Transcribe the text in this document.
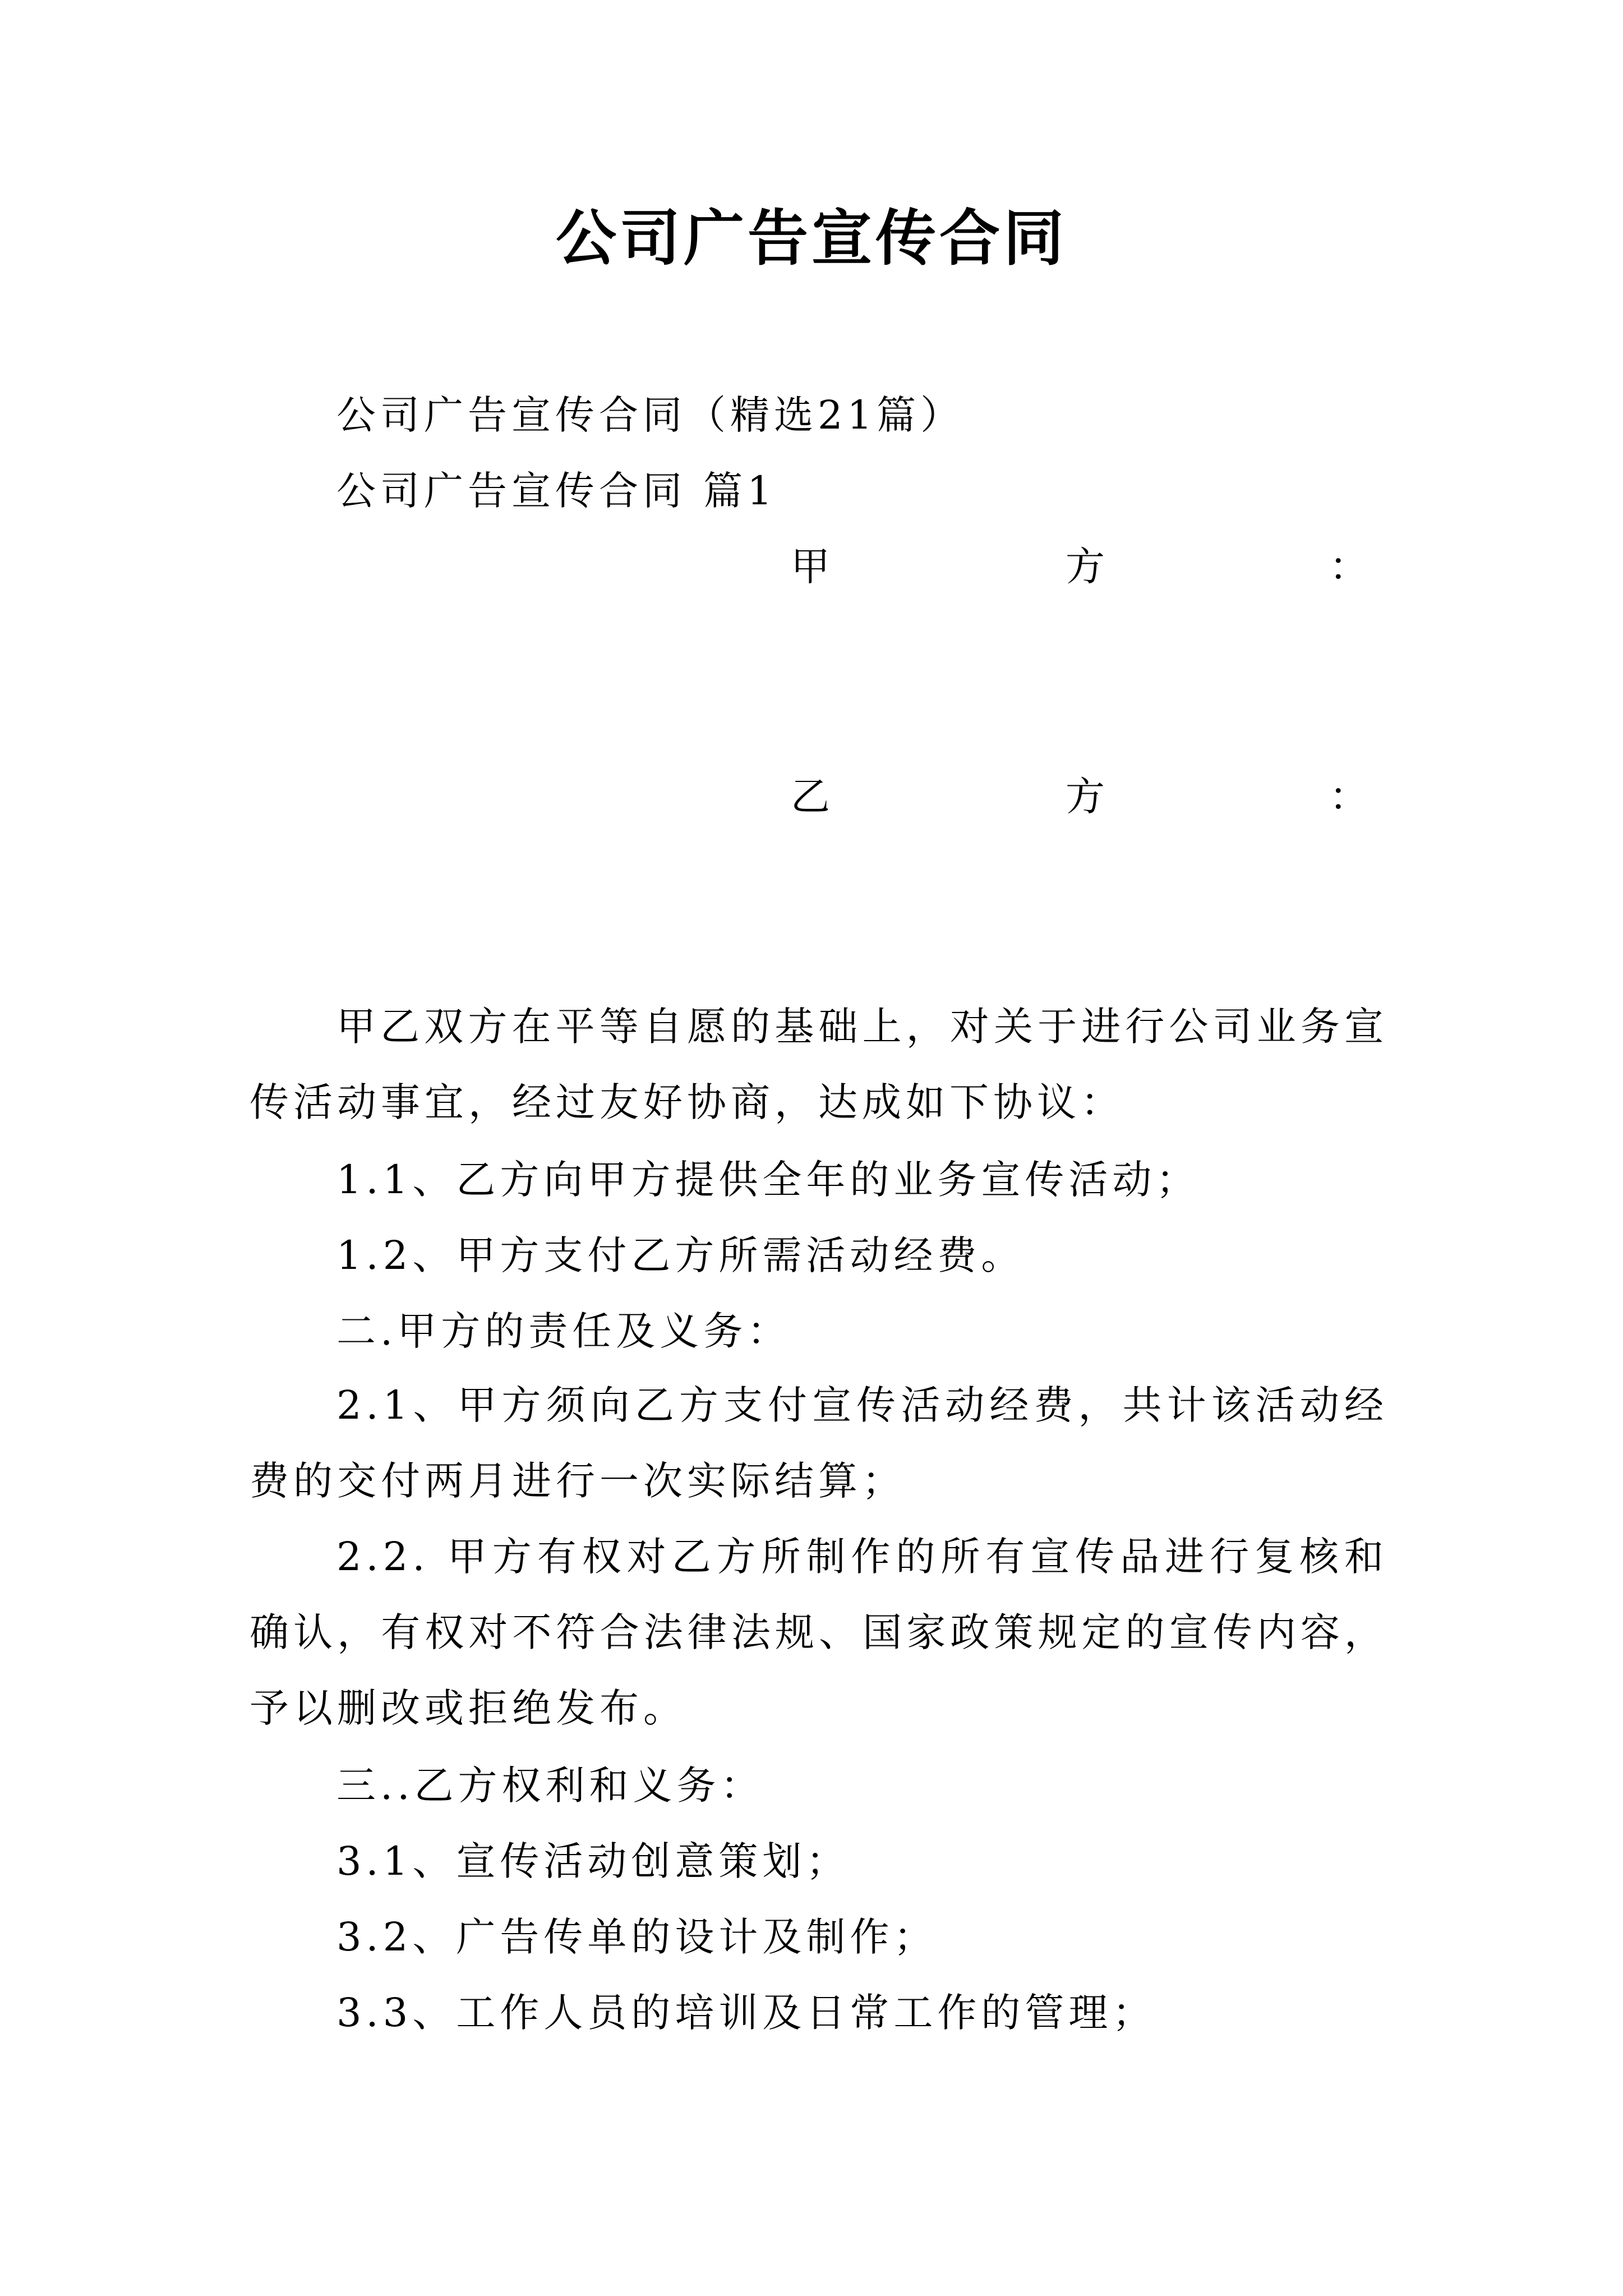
公司广告宣传合同
公司广告宣传合同（精选21篇）
公司广告宣传合同 篇1
甲	方	：
乙	方	：
甲乙双方在平等自愿的基础上，对关于进行公司业务宣传活动事宜，经过友好协商，达成如下协议：
1.1、乙方向甲方提供全年的业务宣传活动；
1.2、甲方支付乙方所需活动经费。
二.甲方的责任及义务：
2.1、甲方须向乙方支付宣传活动经费，共计该活动经费的交付两月进行一次实际结算；
2.2. 甲方有权对乙方所制作的所有宣传品进行复核和确认，有权对不符合法律法规、国家政策规定的宣传内容，予以删改或拒绝发布。
三..乙方权利和义务：
3.1、宣传活动创意策划；
3.2、广告传单的设计及制作；
3.3、工作人员的培训及日常工作的管理；
